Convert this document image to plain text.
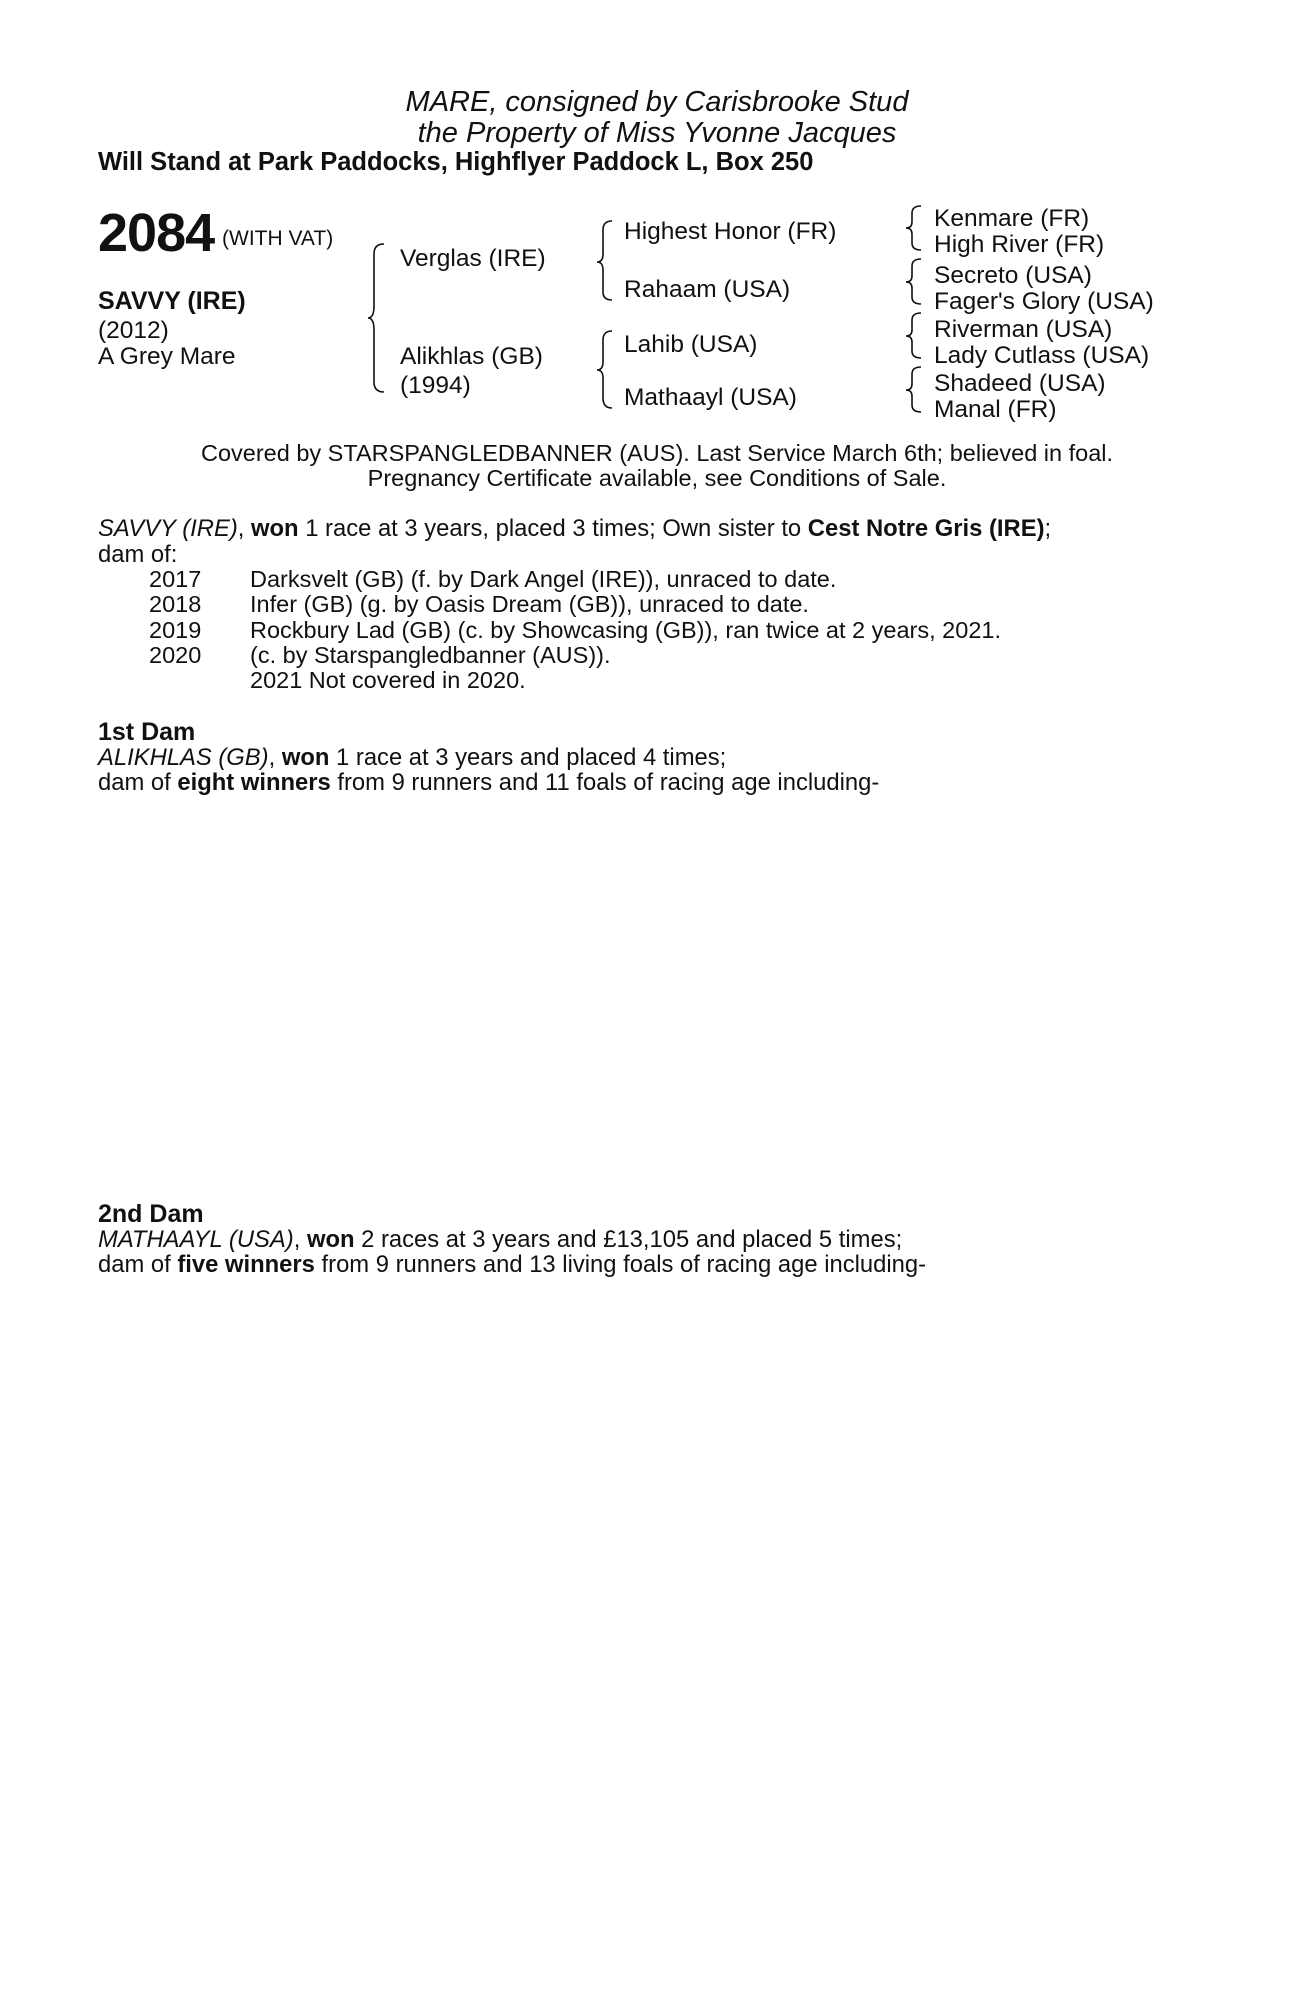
MARE, consigned by Carisbrooke Stud
the Property of Miss Yvonne Jacques
Will Stand at Park Paddocks, Highflyer Paddock L, Box 250
2084 (WITH VAT)
SAVVY (IRE)
(2012)
A Grey Mare
Verglas (IRE)
Alikhlas (GB)
(1994)
Highest Honor (FR)
Rahaam (USA)
Lahib (USA)
Mathaayl (USA)
Kenmare (FR)
High River (FR)
Secreto (USA)
Fager's Glory (USA)
Riverman (USA)
Lady Cutlass (USA)
Shadeed (USA)
Manal (FR)
Covered by STARSPANGLEDBANNER (AUS). Last Service March 6th; believed in foal.
Pregnancy Certificate available, see Conditions of Sale.
SAVVY (IRE), won 1 race at 3 years, placed 3 times; Own sister to Cest Notre Gris (IRE);
dam of:
2017 Darksvelt (GB) (f. by Dark Angel (IRE)), unraced to date.
2018 Infer (GB) (g. by Oasis Dream (GB)), unraced to date.
2019 Rockbury Lad (GB) (c. by Showcasing (GB)), ran twice at 2 years, 2021.
2020 (c. by Starspangledbanner (AUS)).
2021 Not covered in 2020.
1st Dam
ALIKHLAS (GB), won 1 race at 3 years and placed 4 times;
dam of eight winners from 9 runners and 11 foals of racing age including-
2nd Dam
MATHAAYL (USA), won 2 races at 3 years and £13,105 and placed 5 times;
dam of five winners from 9 runners and 13 living foals of racing age including-
